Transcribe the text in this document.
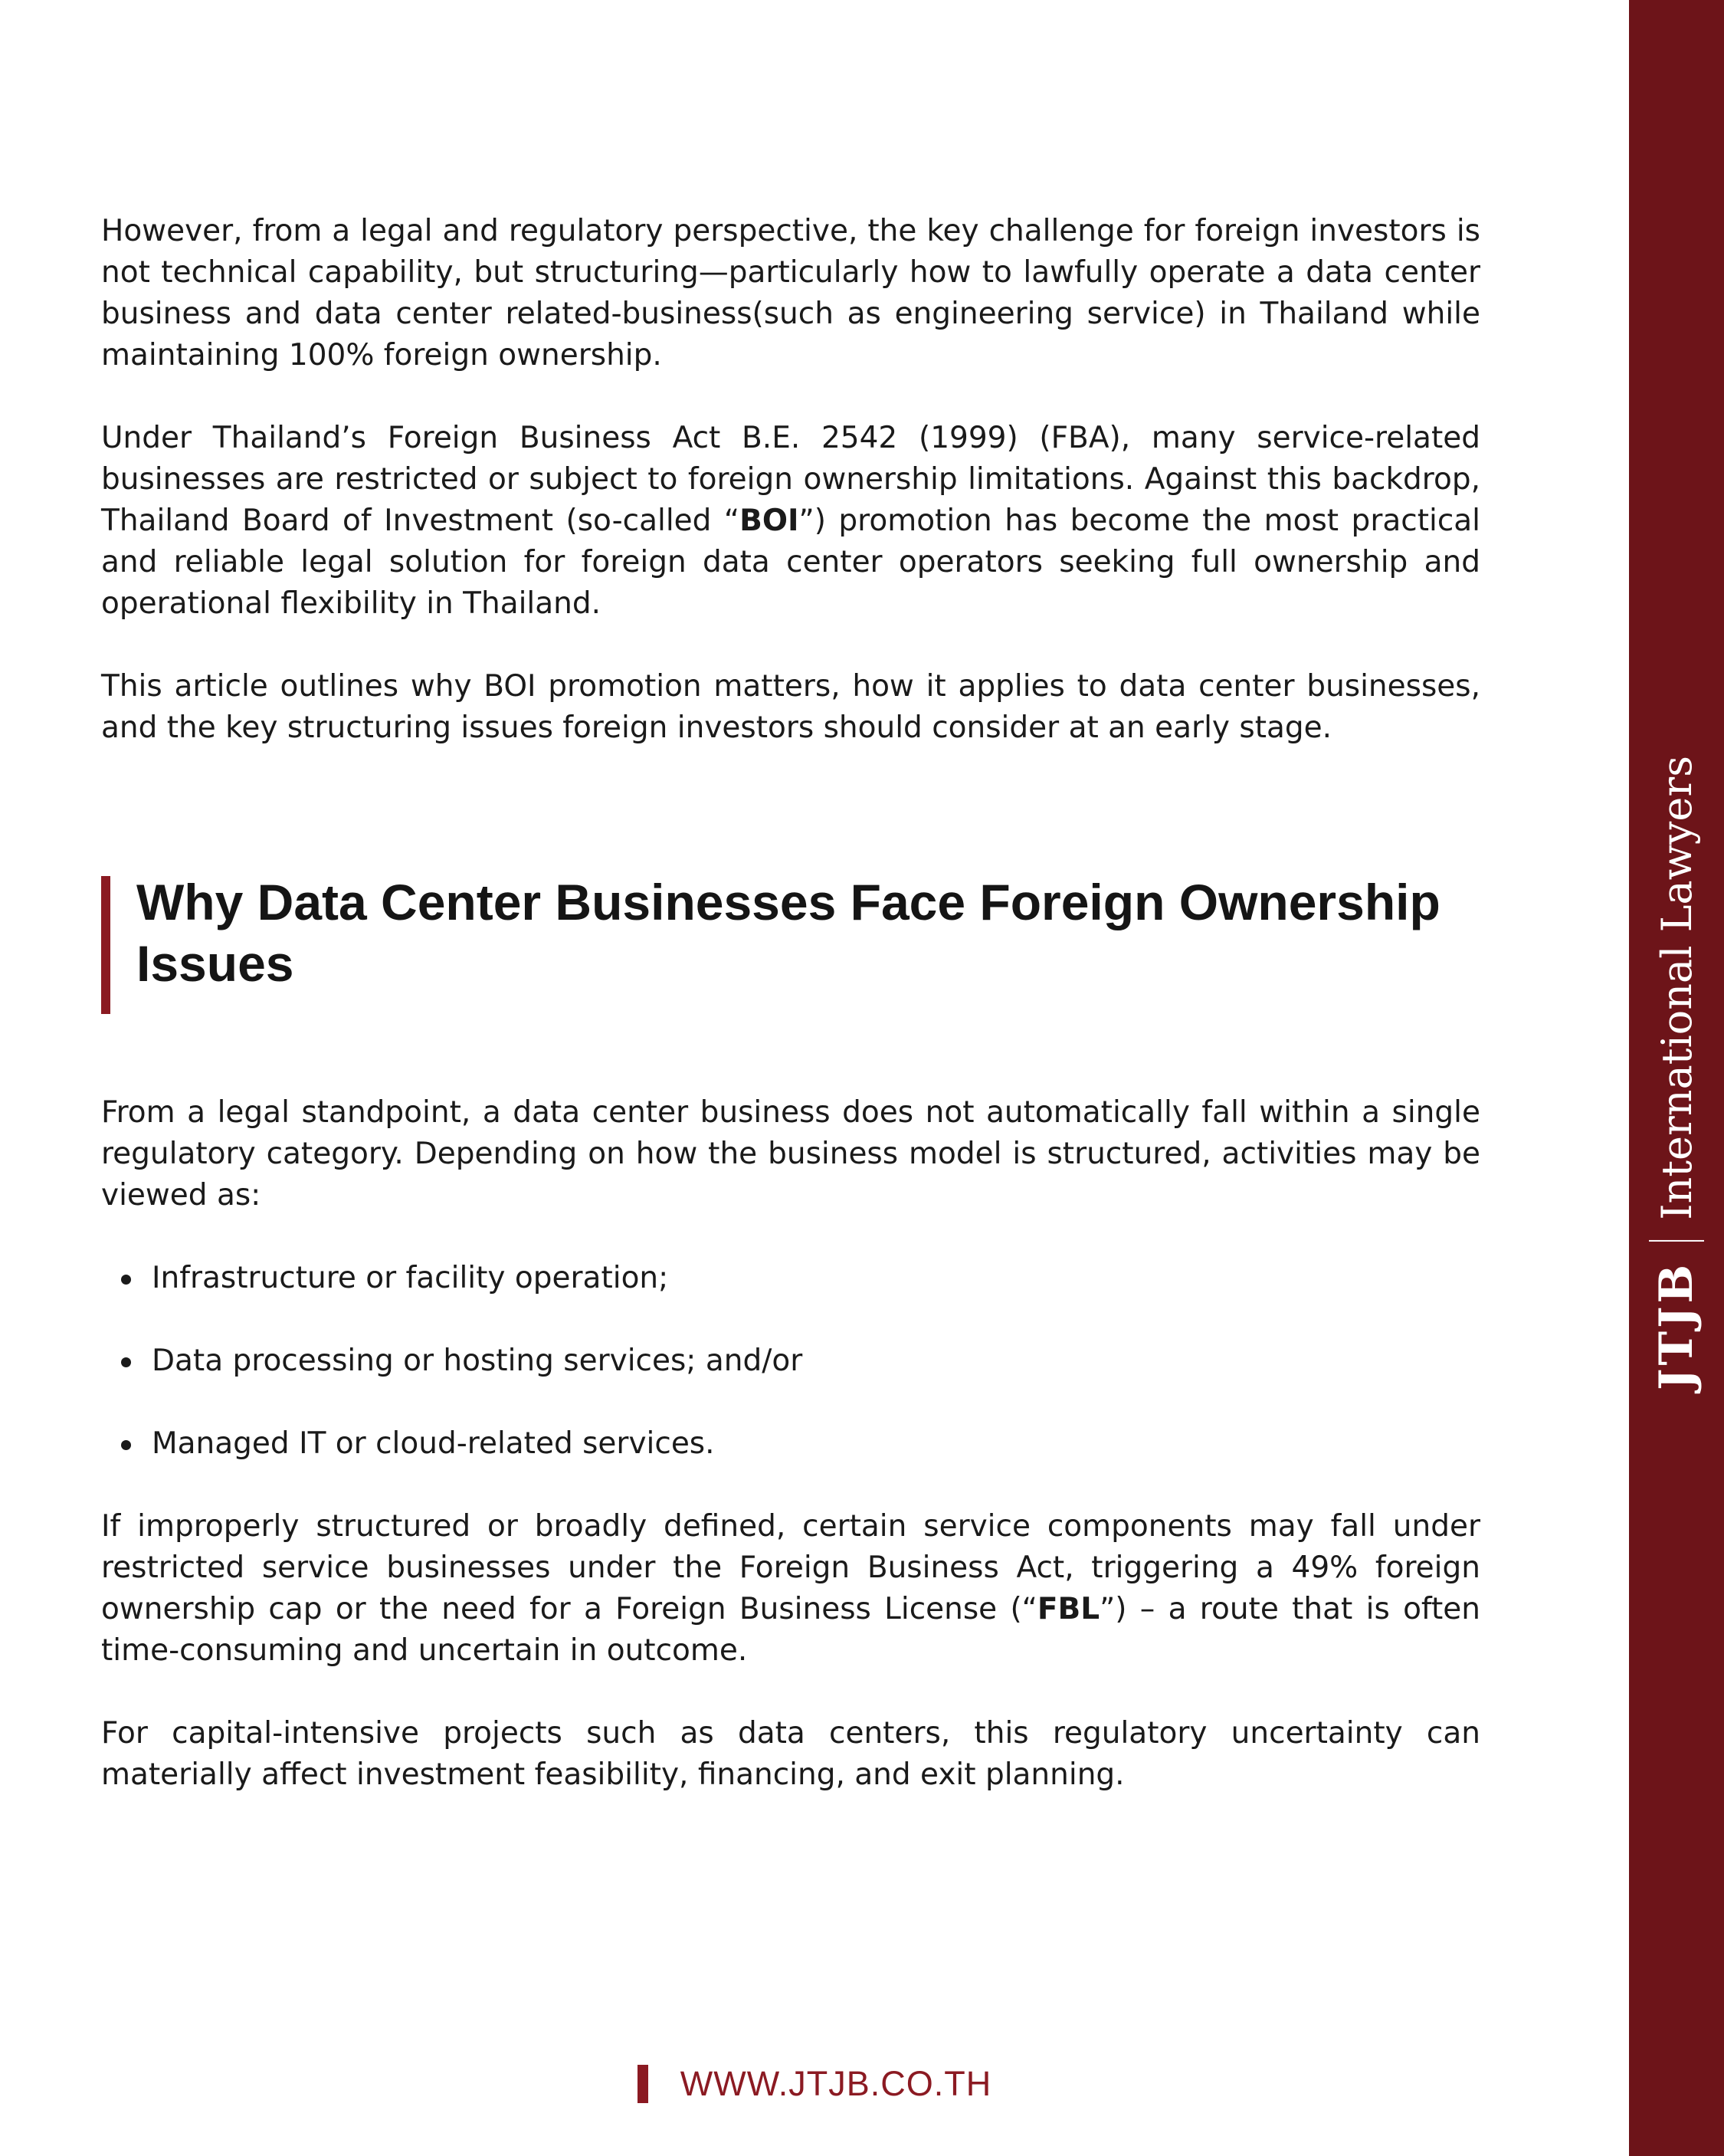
JTJB
International Lawyers

However, from a legal and regulatory perspective, the key challenge for foreign investors is not technical capability, but structuring—particularly how to lawfully operate a data center business and data center related-business(such as engineering service) in Thailand while maintaining 100% foreign ownership.

Under Thailand’s Foreign Business Act B.E. 2542 (1999) (FBA), many service-related businesses are restricted or subject to foreign ownership limitations. Against this backdrop, Thailand Board of Investment (so-called “BOI”) promotion has become the most practical and reliable legal solution for foreign data center operators seeking full ownership and operational flexibility in Thailand.

This article outlines why BOI promotion matters, how it applies to data center businesses, and the key structuring issues foreign investors should consider at an early stage.

Why Data Center Businesses Face Foreign Ownership Issues

From a legal standpoint, a data center business does not automatically fall within a single regulatory category. Depending on how the business model is structured, activities may be viewed as:

Infrastructure or facility operation;
Data processing or hosting services; and/or
Managed IT or cloud-related services.

If improperly structured or broadly defined, certain service components may fall under restricted service businesses under the Foreign Business Act, triggering a 49% foreign ownership cap or the need for a Foreign Business License (“FBL”) – a route that is often time-consuming and uncertain in outcome.

For capital-intensive projects such as data centers, this regulatory uncertainty can materially affect investment feasibility, financing, and exit planning.

WWW.JTJB.CO.TH
